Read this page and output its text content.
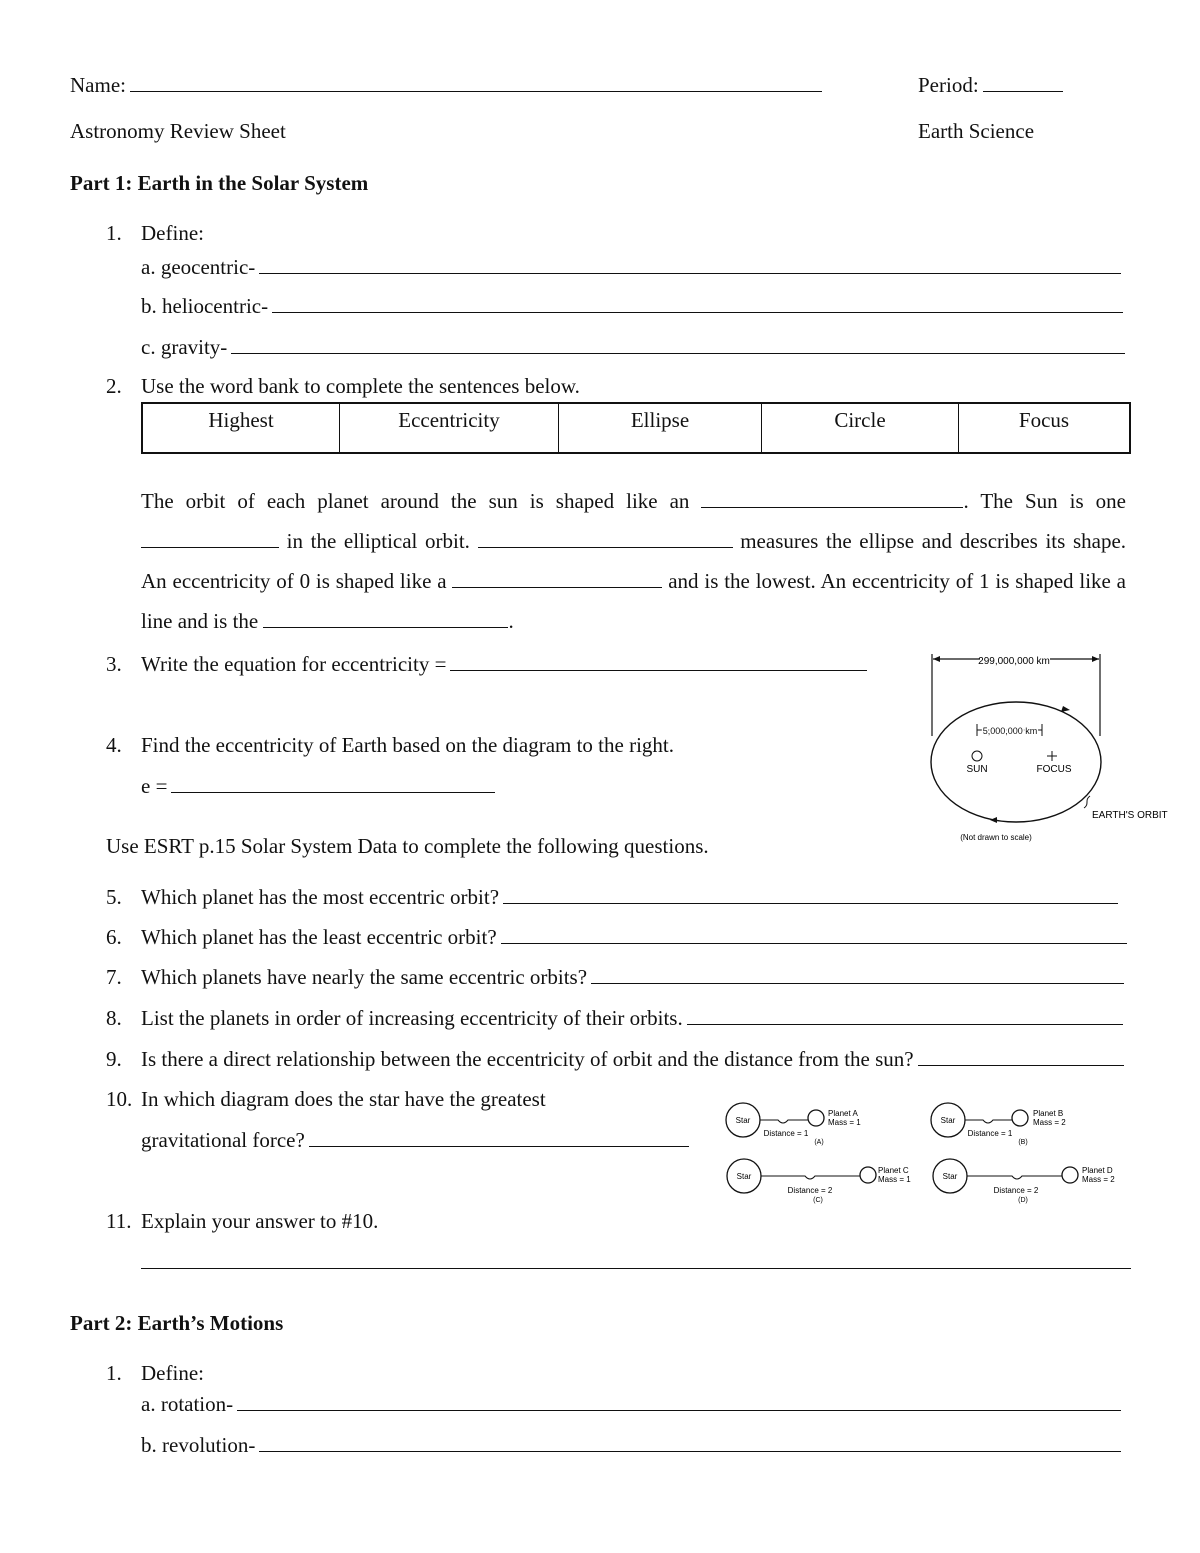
Name:	Period:
Astronomy Review Sheet	Earth Science
Part 1: Earth in the Solar System
1. Define:
a. geocentric-
b. heliocentric-
c. gravity-
2. Use the word bank to complete the sentences below.
Highest	Eccentricity	Ellipse	Circle	Focus
The orbit of each planet around the sun is shaped like an	. The Sun is one  in the elliptical orbit.	measures the ellipse and describes its shape. An eccentricity of 0 is shaped like a	and is the lowest. An eccentricity of 1 is shaped like a line and is the	.
3. Write the equation for eccentricity =
4. Find the eccentricity of Earth based on the diagram to the right.
e =
299,000,000 km
5,000,000 km
SUN	FOCUS
EARTH'S ORBIT
(Not drawn to scale)
Use ESRT p.15 Solar System Data to complete the following questions.
5. Which planet has the most eccentric orbit?
6. Which planet has the least eccentric orbit?
7. Which planets have nearly the same eccentric orbits?
8. List the planets in order of increasing eccentricity of their orbits.
9. Is there a direct relationship between the eccentricity of orbit and the distance from the sun?
10. In which diagram does the star have the greatest
gravitational force?
Star
Planet A
Mass = 1
Distance = 1
(A)
Star
Planet B
Mass = 2
Distance = 1
(B)
Star
Planet C
Mass = 1
Distance = 2
(C)
Star
Planet D
Mass = 2
Distance = 2
(D)
11. Explain your answer to #10.
Part 2: Earth’s Motions
1. Define:
a. rotation-
b. revolution-
